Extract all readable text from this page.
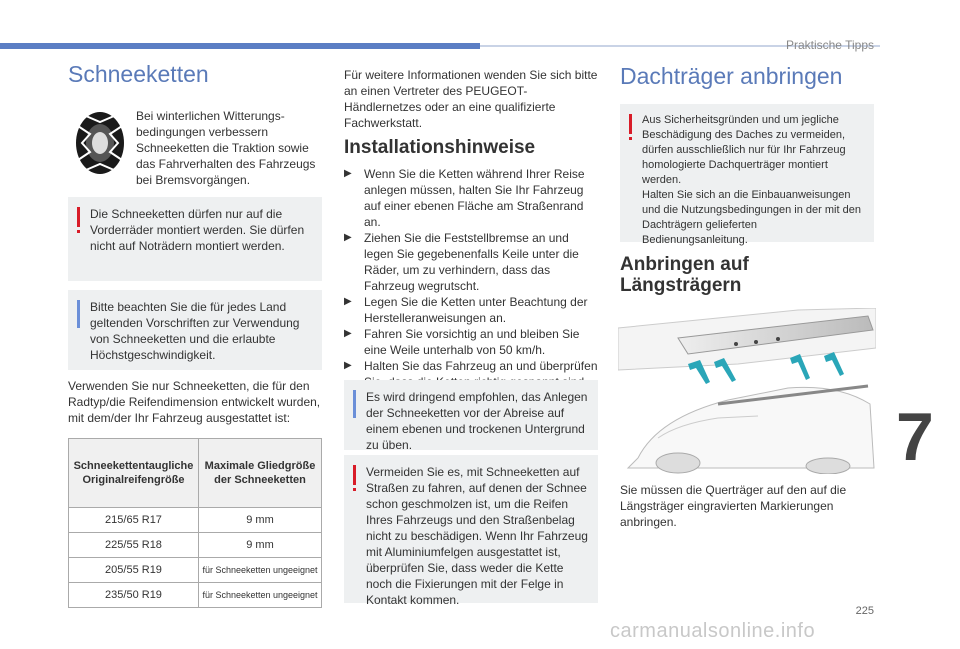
Praktische Tipps
Schneeketten
Bei winterlichen Witterungs-bedingungen verbessern Schneeketten die Traktion sowie das Fahrverhalten des Fahrzeugs bei Bremsvorgängen.

Die Schneeketten dürfen nur auf die Vorderräder montiert werden. Sie dürfen nicht auf Noträdern montiert werden.

Bitte beachten Sie die für jedes Land geltenden Vorschriften zur Verwendung von Schneeketten und die erlaubte Höchstgeschwindigkeit.

Verwenden Sie nur Schneeketten, die für den Radtyp/die Reifendimension entwickelt wurden, mit dem/der Ihr Fahrzeug ausgestattet ist:
Schneekettentaugliche Originalreifengröße	Maximale Gliedgröße der Schneeketten
215/65 R17	9 mm
225/55 R18	9 mm
205/55 R19	für Schneeketten ungeeignet
235/50 R19	für Schneeketten ungeeignet
Für weitere Informationen wenden Sie sich bitte an einen Vertreter des PEUGEOT-Händlernetzes oder an eine qualifizierte Fachwerkstatt.
Installationshinweise
▶ Wenn Sie die Ketten während Ihrer Reise anlegen müssen, halten Sie Ihr Fahrzeug auf einer ebenen Fläche am Straßenrand an.
▶ Ziehen Sie die Feststellbremse an und legen Sie gegebenenfalls Keile unter die Räder, um zu verhindern, dass das Fahrzeug wegrutscht.
▶ Legen Sie die Ketten unter Beachtung der Herstelleranweisungen an.
▶ Fahren Sie vorsichtig an und bleiben Sie eine Weile unterhalb von 50 km/h.
▶ Halten Sie das Fahrzeug an und überprüfen

Es wird dringend empfohlen, das Anlegen der Schneeketten vor der Abreise auf einem ebenen und trockenen Untergrund zu üben.

Vermeiden Sie es, mit Schneeketten auf Straßen zu fahren, auf denen der Schnee schon geschmolzen ist, um die Reifen Ihres Fahrzeugs und den Straßenbelag nicht zu beschädigen. Wenn Ihr Fahrzeug mit Aluminiumfelgen ausgestattet ist, überprüfen Sie, dass weder die Kette noch die Fixierungen mit der Felge in Kontakt kommen.

Dachträger anbringen

Aus Sicherheitsgründen und um jegliche Beschädigung des Daches zu vermeiden, dürfen ausschließlich nur für Ihr Fahrzeug homologierte Dachquerträger montiert werden.

Halten Sie sich an die Einbauanweisungen und die Nutzungsbedingungen in der mit den Dachträgern gelieferten Bedienungsanleitung.

Anbringen auf
Längsträgern
Sie müssen die Querträger auf den auf die Längsträger eingravierten Markierungen anbringen.
7
225
carmanualsonline.info
